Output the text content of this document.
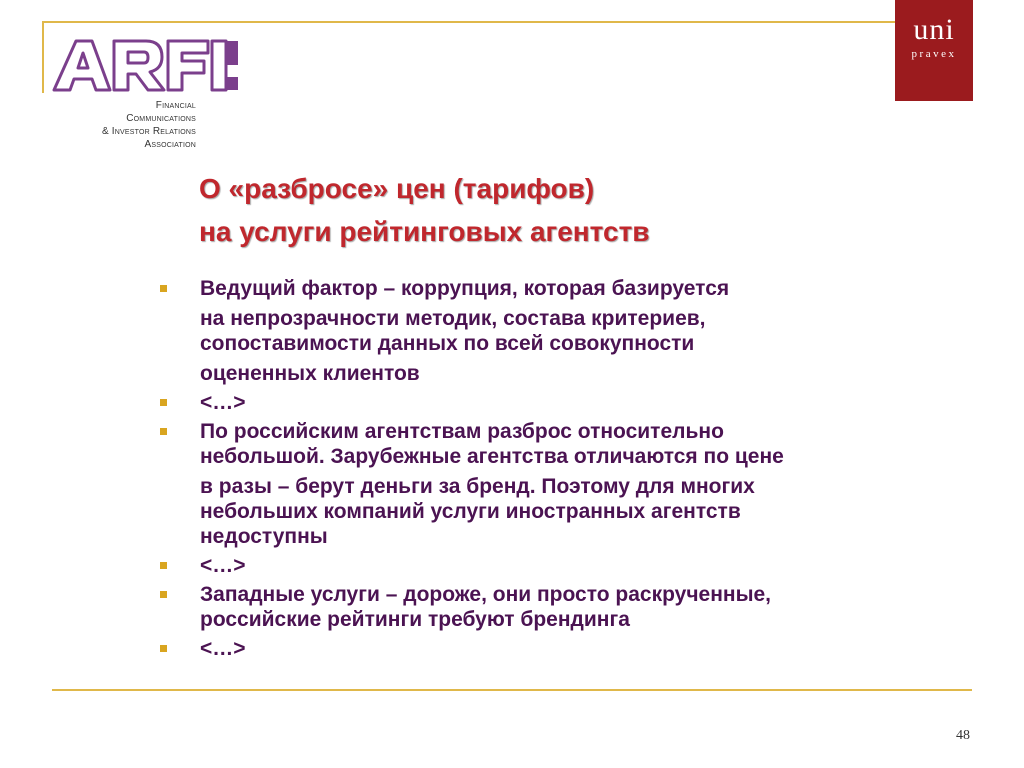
Financial
Communications
& Investor Relations
Association
uni
pravex
О «разбросе» цен (тарифов)
на услуги рейтинговых агентств
Ведущий фактор – коррупция, которая базируется
на непрозрачности методик, состава критериев,
сопоставимости данных по всей совокупности
оцененных клиентов
<…>
По российским агентствам разброс относительно
небольшой. Зарубежные агентства отличаются по цене
в разы – берут деньги за бренд. Поэтому для многих
небольших компаний услуги иностранных агентств
недоступны
<…>
Западные услуги – дороже, они просто раскрученные,
российские рейтинги требуют брендинга
<…>
48
